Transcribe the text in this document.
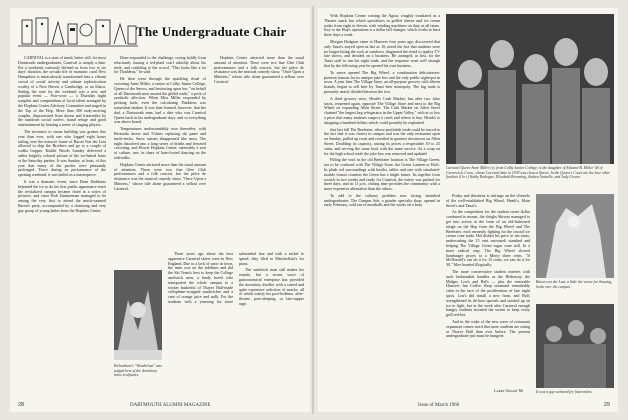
The Undergraduate Chair

CARNIVAL is a state of mind; better still, for most Dartmouth undergraduates, Carnival is simply a date. For a weekend, variously defined as from two to six days' duration, the secular life of monastic rural New Hampshire is miraculously transformed into a vibrant crowd of social activity and urbane sophistication worthy of a New Haven, a Cambridge, or an Ithaca. Setting the tone for the weekend was a new and popular event — Pow-wow — a Thursday night songfest and compendium of local talent arranged by the Hopkins Center Advisory Committee and staged in the Top of the Hop. More than 300 early-arriving couples, dispossessed from dorms and fraternities by the sundown social curfew, found refuge and good entertainment by hearing a series of singing players.

The incentive to statue building was greater this year than ever, with one who logged eight hours toiling over the massive frame of Baron Von der Lust allowed to skip the Brothers and go to a couple of vodka frappes. Kiddie Woods Sunday delivered a rather brightly colored picture of the ice-hatted hosts at the Saturday parties. It was Sunday, at least, of this year that many of the parties were pleasantly prolonged. Twice during its performance of the opening weekend, it was hailed as a masterpiece.

It was a dramatic event, since Dean Daddaino bejeaned the ice to do his first public appearance since the revitalized campus became fixed in a series of pictures, and since Bob Zimmerman managed to be among the very first to attend the much-vaunted Baron's party, accompanied by a charming and very gay group of young ladies from the Hopkins Center.

Dean responded to the challenge, crying boldly from reluctantly issuing a red-plaid scarf rakishly about his neck, and confiding to the crowd, "This looks like a lot for Thaddeus," he said.

He then went through the sparkling ritual of crowning Anne Miller, a senior at Colby Junior College, Queen of the Snows, and bestowing upon her, "on behalf of all Dartmouth men around the gilded earth," a peck of symbolic affection. When Miss Miller responded by pecking back, even the calculating Thaddeus was somewhat shaken. It was later learned, however, that her dad, a Dartmouth man, had a date who was Carnival Queen back in his undergraduate days, and so everything was above board.

Temperatures understandably rose thereafter, with Bermuda shorts and T-shirts replacing ski pants and turtle-necks. Snow statues disappeared like snow. The night dissolved into a long series of drinks and frenzied cavorting, and Howie Hopkins Center, ostensibly a seat of culture, saw its share of bare-footed dancing on the sidewalks.

Hopkins Center attracted more than the usual amount of attention. There were two fine Glee Club performances and a folk concert, but the pièce de résistance was the musical comedy show, "Once Upon a Mattress," whose title alone guaranteed a sellout over Carnival.

Hopkins Center attracted more than the usual amount of attention. There were two fine Glee Club performances and a folk concert, but the pièce de résistance was the musical comedy show, "Once Upon a Mattress," whose title alone guaranteed a sellout over Carnival.

Three years ago about the best apprentice Carnival skiers were in New England. Due to a lack of snow in town, the team was on the sidelines and did the Ski Team's best to keep the College sandwich men, a hardy breed who transported the whole campus to a wicker basketful of Thayer Hall-made cellophane-wrapped sandwiches and a case of orange juice and milk. For the students with a yearning for more substantial fare and with a nickel to spend, they filed to Mnichoffski's for pizza.

The sandwich man still makes his rounds, but a recent wave of gastronomical enterprise has provided the dormitory dweller with a varied and quite expensive selection of snacks, all of which satisfy his post-bedtime, after-theater, post-sleeping, or late-supper urge.

Richardson's "Wonderlust" was judged best of the dormitory snow sculptures.
28	DARTMOUTH ALUMNI MAGAZINE

With Hopkins Center coming the Agora, roughly translated as a Theatre snack bar which specializes in grilled cheese and ice cream sodas from eight to eleven, with vending machines on duty at all times. Key to the Hop's operations is a dollar bill changer, which works at least three days a week.

Morgan Hodgson came to Hanover four years ago, discovered that only Tanzi's stayed open as late as 10, noted the fact that students were no longer biting the sock at sundown, diagnosed the trend to quality TV late shows, and decided on a business. He arranged, at first, for the Tanzi staff to run his night trade, and the response went well enough that by the following year he opened his own business.

To move opened The Big Wheel, a combination delicatessen-pizzeria famous for its antique juke box and the only public nightspot in town. A year later The Village Store, an all-purpose grocery with fifteen brands, began to sell beer by Tanzi beer monopoly. The big trade is presently nearly divided between the two.

A third grocery store, Heath's Cash Market, has after two false starts, reopened again, opposite The Village Store and next to the Big Wheel on expanding Allen Street. The Cash Market on Allen Street claimed "the largest keg refrigerator in the Upper Valley," with at so low a price that many students suspect a catch and refuse to buy. Heath's is shopping a hundred dollars which could possibly be explained.

Just last fall The Beefeater, whose profitable trade could be traced to the fact that it was closest to campus and was the only restaurant open on Sunday, pulled up roots and resettled in quarters downtown on Allen Street. Doubling its capacity, raising its prices a respectable 10 to 25 cents, and serving the same food with the same service. As a coup on for the high school trade the joke box was removed and updated.

Filling the void in the old Beefeater location is The Village Green, not to be confused with The Village Store, the Green Lantern or Hal's. In plush red surroundings with booths, tables and one with simulated-marble fornax counters the Green has a bright future. Its together from scratch in two weeks and ready for Carnival, the eatery was packed for three days, and in 11 p.m. closing time provides the community with a more expensive alternative than the others.

To add to the culinary problem now facing famished undergraduates, The Campus Sob, a grinder specialty shop, opened in early February, sold out of meatballs and the works on a busy

Carnival Queen Anne Miller (r), from Colby Junior College, is the daughter of Edward B. Miller '40 of Greenwich, Conn., whose Carnival date in 1939 was chosen Queen. In the Queen's Court are the four other finalists (l to r) Kathy Rodrigue, Elizabeth Browning, Andrea Sawtelle, and Judy Givens.

Friday and threatens to infringe on the clientele of the well-established Big Wheel, Heath's, Main Street's and Tanzi's.

As the competition for the student sweet dollar continued to mount, the sleighs Skiway managed to get into action in the form of an old-fashioned sleigh on the Hop from the Big Wheel and The Beefeater, each earnestly fighting for the crucial ice cream cone trade. Hal dished his price to ten cents, undercutting the 15 cent snowmelt standard and helping The Village Green sugar cone still. In a more radical step, The Big Wheel slowed hamburger prices to a Merry three cents. "If McDonald's can do it for 15 cents, we can do it for 30," Moe boasted illogically.

The more conservative student eateries with such fashionable handles as the Hideaway, the Midget, Lou's and Hal's — plus the venerable Hanover Inn Coffee Shop remained remarkably calm in the face of the proliferation of late night spots. Lou's did install a new front, and Hal's strengthened its de-luxe specials and stacked up on ice to fight, but in the week after Carnival enough hungry students stormed the screen to keep every grill red-hot.

And in the wake of the new wave of restaurant expansion comes word that more students are eating at Thayer Hall than ever before. The present undergraduate just must be hungrier.

Larry Geiger '66
Baron von der Lust, a little the worse for thawing, looks over the campus.
It was a gay weekend for fraternities.
Issue of March 1966	29
